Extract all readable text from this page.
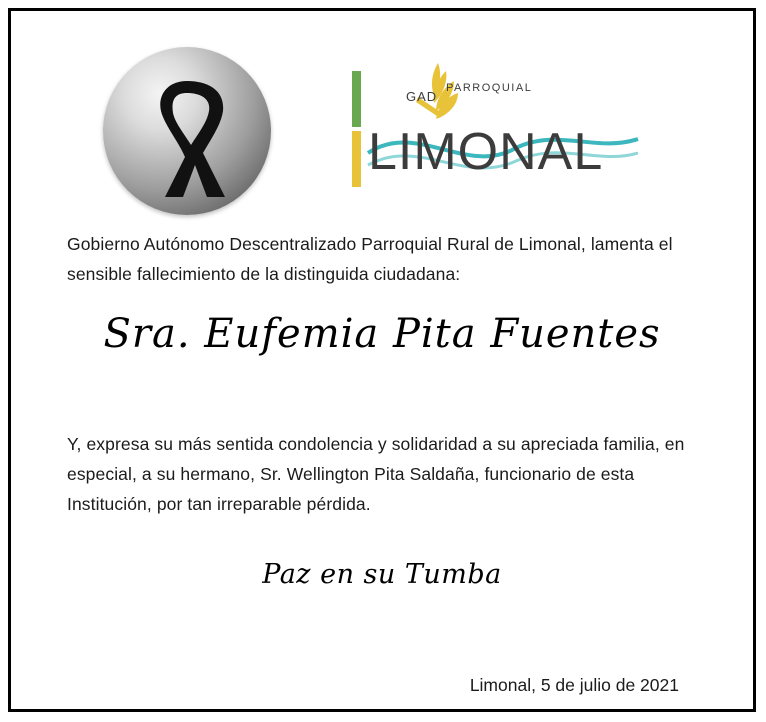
GAD
PARROQUIAL
LIMONAL
Gobierno Autónomo Descentralizado Parroquial Rural de Limonal, lamenta el sensible fallecimiento de la distinguida ciudadana:
Sra. Eufemia Pita Fuentes
Y, expresa su más sentida condolencia y solidaridad a su apreciada familia, en especial, a su hermano, Sr. Wellington Pita Saldaña, funcionario de esta Institución, por tan irreparable pérdida.
Paz en su Tumba
Limonal, 5 de julio de 2021
